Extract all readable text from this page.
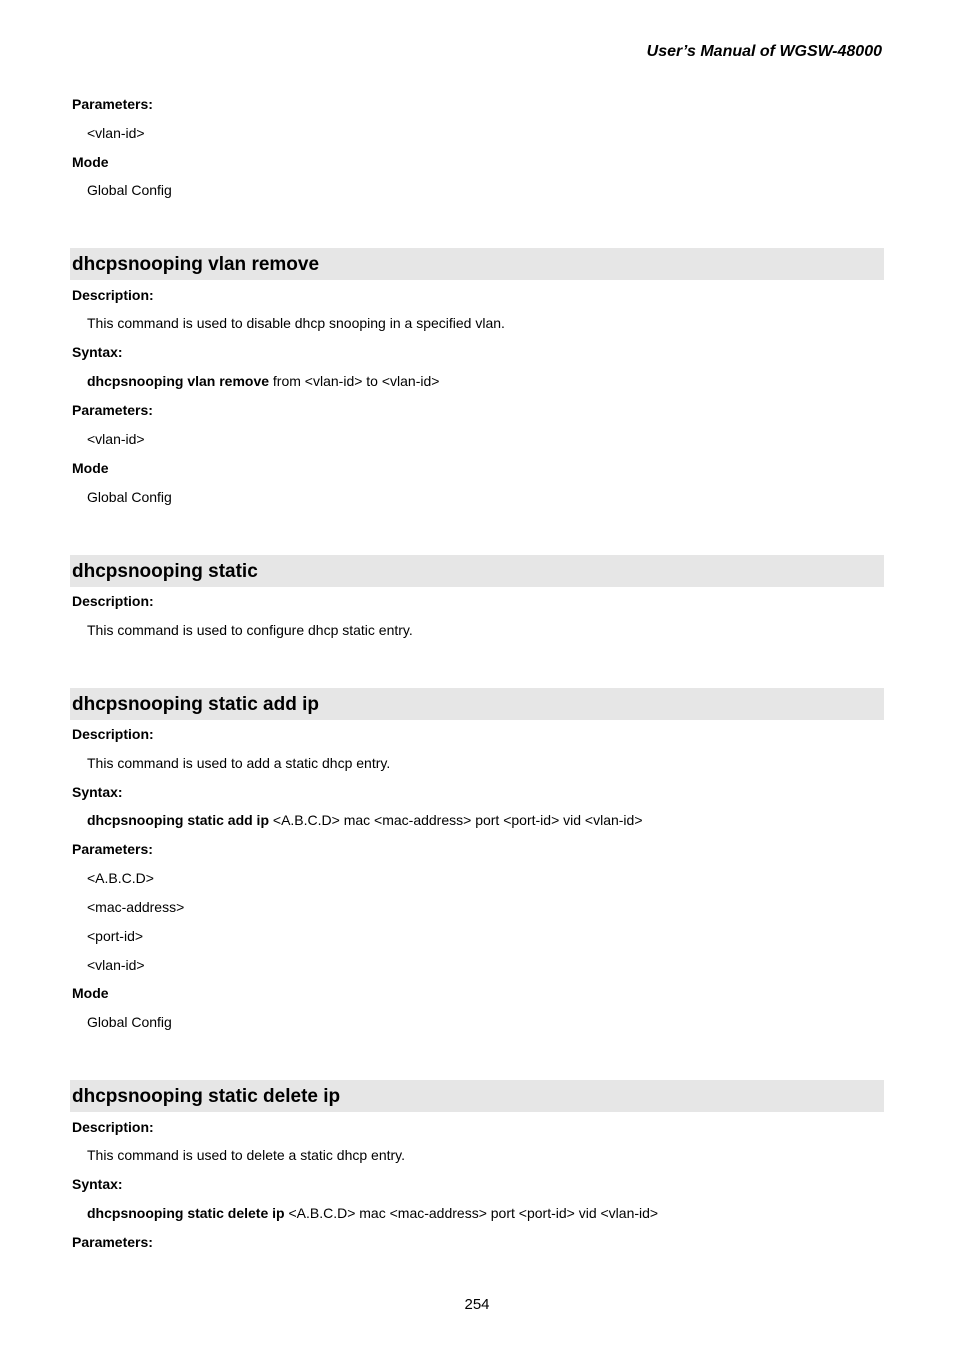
User’s Manual of WGSW-48000
Parameters:
<vlan-id>
Mode
Global Config
dhcpsnooping vlan remove
Description:
This command is used to disable dhcp snooping in a specified vlan.
Syntax:
dhcpsnooping vlan remove from <vlan-id> to <vlan-id>
Parameters:
<vlan-id>
Mode
Global Config
dhcpsnooping static
Description:
This command is used to configure dhcp static entry.
dhcpsnooping static add ip
Description:
This command is used to add a static dhcp entry.
Syntax:
dhcpsnooping static add ip <A.B.C.D> mac <mac-address> port <port-id> vid <vlan-id>
Parameters:
<A.B.C.D>
<mac-address>
<port-id>
<vlan-id>
Mode
Global Config
dhcpsnooping static delete ip
Description:
This command is used to delete a static dhcp entry.
Syntax:
dhcpsnooping static delete ip <A.B.C.D> mac <mac-address> port <port-id> vid <vlan-id>
Parameters:
254
